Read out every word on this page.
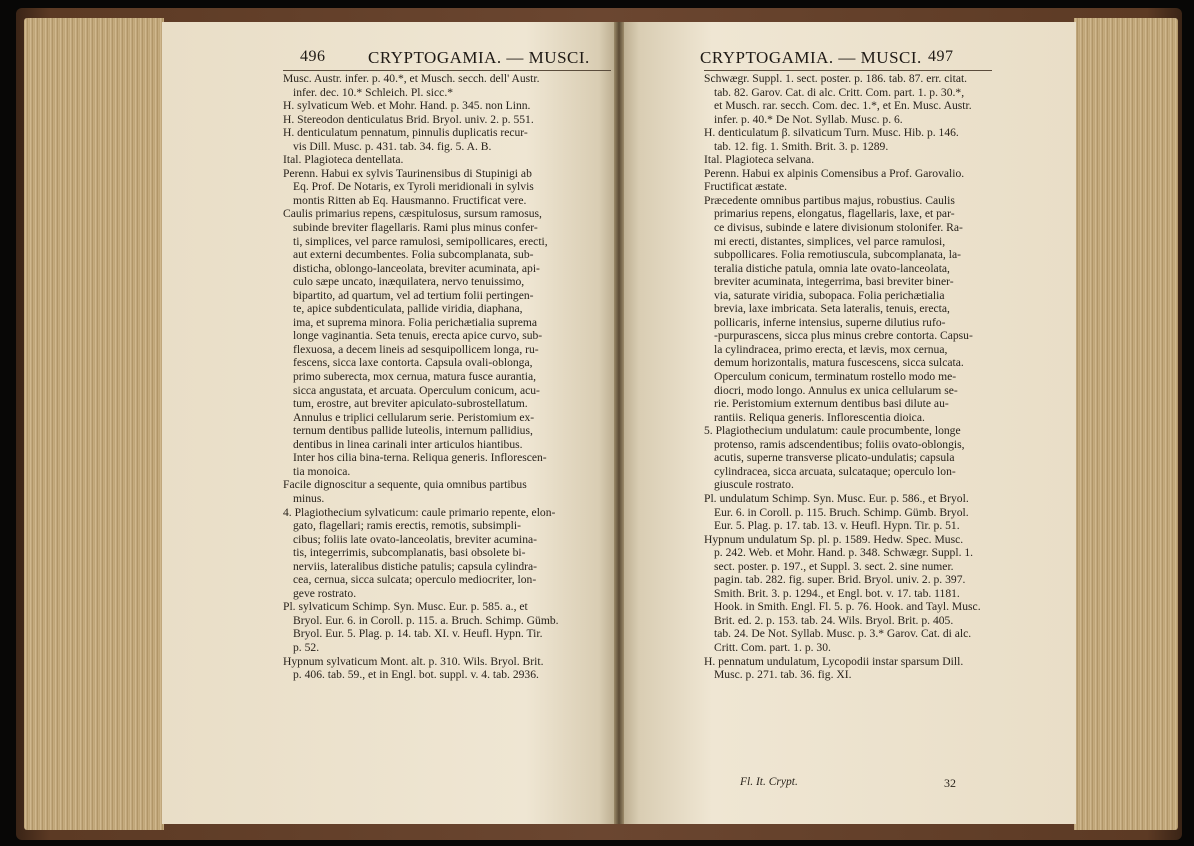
496	CRYPTOGAMIA. — MUSCI.	CRYPTOGAMIA. — MUSCI. 497
Musc. Austr. infer. p. 40.*, et Musch. secch. dell' Austr.
infer. dec. 10.* Schleich. Pl. sicc.*
H. sylvaticum Web. et Mohr. Hand. p. 345. non Linn.
H. Stereodon denticulatus Brid. Bryol. univ. 2. p. 551.
H. denticulatum pennatum, pinnulis duplicatis recur-
vis Dill. Musc. p. 431. tab. 34. fig. 5. A. B.
Ital. Plagioteca dentellata.
Perenn. Habui ex sylvis Taurinensibus di Stupinigi ab
Eq. Prof. De Notaris, ex Tyroli meridionali in sylvis
montis Ritten ab Eq. Hausmanno. Fructificat vere.
Caulis primarius repens, cæspitulosus, sursum ramosus,
subinde breviter flagellaris. Rami plus minus confer-
ti, simplices, vel parce ramulosi, semipollicares, erecti,
aut externi decumbentes. Folia subcomplanata, sub-
disticha, oblongo-lanceolata, breviter acuminata, api-
culo sæpe uncato, inæquilatera, nervo tenuissimo,
bipartito, ad quartum, vel ad tertium folii pertingen-
te, apice subdenticulata, pallide viridia, diaphana,
ima, et suprema minora. Folia perichætialia suprema
longe vaginantia. Seta tenuis, erecta apice curvo, sub-
flexuosa, a decem lineis ad sesquipollicem longa, ru-
fescens, sicca laxe contorta. Capsula ovali-oblonga,
primo suberecta, mox cernua, matura fusce aurantia,
sicca angustata, et arcuata. Operculum conicum, acu-
tum, erostre, aut breviter apiculato-subrostellatum.
Annulus e triplici cellularum serie. Peristomium ex-
ternum dentibus pallide luteolis, internum pallidius,
dentibus in linea carinali inter articulos hiantibus.
Inter hos cilia bina-terna. Reliqua generis. Inflorescen-
tia monoica.
Facile dignoscitur a sequente, quia omnibus partibus
minus.
4. Plagiothecium sylvaticum: caule primario repente, elon-
gato, flagellari; ramis erectis, remotis, subsimpli-
cibus; foliis late ovato-lanceolatis, breviter acumina-
tis, integerrimis, subcomplanatis, basi obsolete bi-
nerviis, lateralibus distiche patulis; capsula cylindra-
cea, cernua, sicca sulcata; operculo mediocriter, lon-
geve rostrato.
Pl. sylvaticum Schimp. Syn. Musc. Eur. p. 585. a., et
Bryol. Eur. 6. in Coroll. p. 115. a. Bruch. Schimp. Gümb.
Bryol. Eur. 5. Plag. p. 14. tab. XI. v. Heufl. Hypn. Tir.
p. 52.
Hypnum sylvaticum Mont. alt. p. 310. Wils. Bryol. Brit.
p. 406. tab. 59., et in Engl. bot. suppl. v. 4. tab. 2936.
Schwægr. Suppl. 1. sect. poster. p. 186. tab. 87. err. citat.
tab. 82. Garov. Cat. di alc. Critt. Com. part. 1. p. 30.*,
et Musch. rar. secch. Com. dec. 1.*, et En. Musc. Austr.
infer. p. 40.* De Not. Syllab. Musc. p. 6.
H. denticulatum β. silvaticum Turn. Musc. Hib. p. 146.
tab. 12. fig. 1. Smith. Brit. 3. p. 1289.
Ital. Plagioteca selvana.
Perenn. Habui ex alpinis Comensibus a Prof. Garovalio.
Fructificat æstate.
Præcedente omnibus partibus majus, robustius. Caulis
primarius repens, elongatus, flagellaris, laxe, et par-
ce divisus, subinde e latere divisionum stolonifer. Ra-
mi erecti, distantes, simplices, vel parce ramulosi,
subpollicares. Folia remotiuscula, subcomplanata, la-
teralia distiche patula, omnia late ovato-lanceolata,
breviter acuminata, integerrima, basi breviter biner-
via, saturate viridia, subopaca. Folia perichætialia
brevia, laxe imbricata. Seta lateralis, tenuis, erecta,
pollicaris, inferne intensius, superne dilutius rufo-
-purpurascens, sicca plus minus crebre contorta. Capsu-
la cylindracea, primo erecta, et lævis, mox cernua,
demum horizontalis, matura fuscescens, sicca sulcata.
Operculum conicum, terminatum rostello modo me-
diocri, modo longo. Annulus ex unica cellularum se-
rie. Peristomium externum dentibus basi dilute au-
rantiis. Reliqua generis. Inflorescentia dioica.
5. Plagiothecium undulatum: caule procumbente, longe
protenso, ramis adscendentibus; foliis ovato-oblongis,
acutis, superne transverse plicato-undulatis; capsula
cylindracea, sicca arcuata, sulcataque; operculo lon-
giuscule rostrato.
Pl. undulatum Schimp. Syn. Musc. Eur. p. 586., et Bryol.
Eur. 6. in Coroll. p. 115. Bruch. Schimp. Gümb. Bryol.
Eur. 5. Plag. p. 17. tab. 13. v. Heufl. Hypn. Tir. p. 51.
Hypnum undulatum Sp. pl. p. 1589. Hedw. Spec. Musc.
p. 242. Web. et Mohr. Hand. p. 348. Schwægr. Suppl. 1.
sect. poster. p. 197., et Suppl. 3. sect. 2. sine numer.
pagin. tab. 282. fig. super. Brid. Bryol. univ. 2. p. 397.
Smith. Brit. 3. p. 1294., et Engl. bot. v. 17. tab. 1181.
Hook. in Smith. Engl. Fl. 5. p. 76. Hook. and Tayl. Musc.
Brit. ed. 2. p. 153. tab. 24. Wils. Bryol. Brit. p. 405.
tab. 24. De Not. Syllab. Musc. p. 3.* Garov. Cat. di alc.
Critt. Com. part. 1. p. 30.
H. pennatum undulatum, Lycopodii instar sparsum Dill.
Musc. p. 271. tab. 36. fig. XI.
Fl. It. Crypt.	32
